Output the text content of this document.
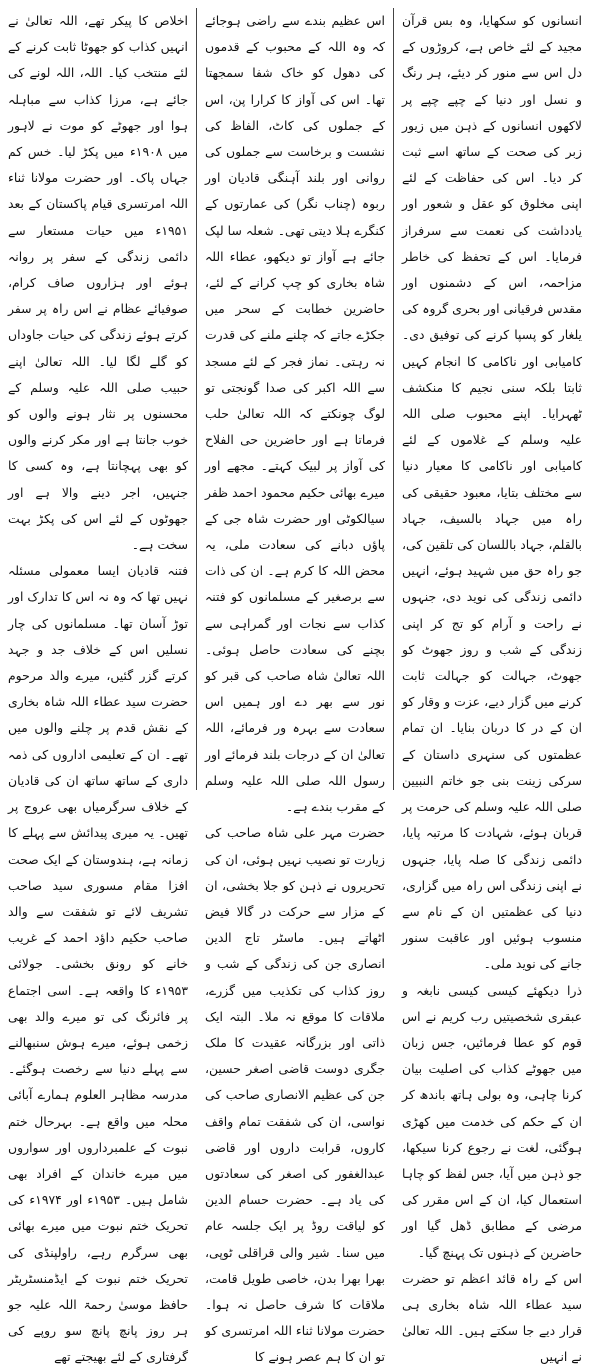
انسانوں کو سکھایا، وہ بس قرآن مجید کے لئے خاص ہے، کروڑوں کے دل اس سے منور کر دیئے، ہر رنگ و نسل اور دنیا کے چپے چپے پر لاکھوں انسانوں کے ذہن میں زیور زبر کی صحت کے ساتھ اسے ثبت کر دیا۔ اس کی حفاظت کے لئے اپنی مخلوق کو عقل و شعور اور یادداشت کی نعمت سے سرفراز فرمایا۔ اس کے تحفظ کی خاطر مزاحمہ، اس کے دشمنوں اور مقدس فرقیانی اور بحری گروہ کی یلغار کو پسپا کرنے کی توفیق دی۔ کامیابی اور ناکامی کا انجام کہیں ثابتا بلکہ سنی نجیم کا منکشف ٹھہرایا۔ اپنے محبوب صلی اللہ علیہ وسلم کے غلاموں کے لئے کامیابی اور ناکامی کا معیار دنیا سے مختلف بتایا، معبود حقیقی کی راہ میں جہاد بالسیف، جہاد بالقلم، جہاد باللسان کی تلقین کی، جو راہ حق میں شہید ہوئے، انہیں دائمی زندگی کی نوید دی، جنہوں نے راحت و آرام کو تج کر اپنی زندگی کے شب و روز جھوٹ کو جھوٹ، جہالت کو جہالت ثابت کرنے میں گزار دیے، عزت و وقار کو ان کے در کا دربان بنایا۔ ان تمام عظمتوں کی سنہری داستان کے سرکی زینت بنی جو خاتم النبیین صلی اللہ علیہ وسلم کی حرمت پر قربان ہوئے، شہادت کا مرتبہ پایا، دائمی زندگی کا صلہ پایا، جنہوں نے اپنی زندگی اس راہ میں گزاری، دنیا کی عظمتیں ان کے نام سے منسوب ہوئیں اور عاقبت سنور جانے کی نوید ملی۔

ذرا دیکھئے کیسی کیسی نابغہ و عبقری شخصیتیں رب کریم نے اس قوم کو عطا فرمائیں، جس زبان میں جھوٹے کذاب کی اصلیت بیان کرنا چاہی، وہ بولی ہاتھ باندھ کر ان کے حکم کی خدمت میں کھڑی ہوگئی، لغت نے رجوع کرنا سیکھا، جو ذہن میں آیا، جس لفظ کو چاہا استعمال کیا، ان کے اس مقرر کی مرضی کے مطابق ڈھل گیا اور حاضرین کے ذہنوں تک پہنچ گیا۔

اس کے راہ قائد اعظم تو حضرت سید عطاء اللہ شاہ بخاری ہی قرار دیے جا سکتے ہیں۔ اللہ تعالیٰ نے انہیں

اس عظیم بندے سے راضی ہوجائے کہ وہ اللہ کے محبوب کے قدموں کی دھول کو خاک شفا سمجھتا تھا۔ اس کی آواز کا کرارا پن، اس کے جملوں کی کاٹ، الفاظ کی نشست و برخاست سے جملوں کی روانی اور بلند آہنگی قادیان اور ربوہ (چناب نگر) کی عمارتوں کے کنگرے ہلا دیتی تھی۔ شعلہ سا لپک جائے ہے آواز تو دیکھو، عطاء اللہ شاہ بخاری کو چپ کرانے کے لئے، حاضرین خطابت کے سحر میں جکڑے جاتے کہ چلنے ملنے کی قدرت نہ رہتی۔ نماز فجر کے لئے مسجد سے اللہ اکبر کی صدا گونجتی تو لوگ چونکتے کہ اللہ تعالیٰ حلب فرماتا ہے اور حاضرین حی الفلاح کی آواز پر لبیک کہتے۔ مجھے اور میرے بھائی حکیم محمود احمد ظفر سیالکوٹی اور حضرت شاہ جی کے پاؤں دبانے کی سعادت ملی، یہ محض اللہ کا کرم ہے۔ ان کی ذات سے برصغیر کے مسلمانوں کو فتنہ کذاب سے نجات اور گمراہی سے بچنے کی سعادت حاصل ہوئی۔ اللہ تعالیٰ شاہ صاحب کی قبر کو نور سے بھر دے اور ہمیں اس سعادت سے بہرہ ور فرمائے، اللہ تعالیٰ ان کے درجات بلند فرمائے اور رسول اللہ صلی اللہ علیہ وسلم کے مقرب بندے ہے۔

حضرت مہر علی شاہ صاحب کی زیارت تو نصیب نہیں ہوئی، ان کی تحریروں نے ذہن کو جلا بخشی، ان کے مزار سے حرکت در گالا فیض اٹھاتے ہیں۔ ماسٹر تاج الدین انصاری جن کی زندگی کے شب و روز کذاب کی تکذیب میں گزرے، ملاقات کا موقع نہ ملا۔ البتہ ایک ذاتی اور بزرگانہ عقیدت کا ملک جگری دوست قاضی اصغر حسین، جن کی عظیم الانصاری صاحب کی نواسی، ان کی شفقت تمام واقف کاروں، قرابت داروں اور قاضی عبدالغفور کی اصغر کی سعادتوں کی یاد ہے۔ حضرت حسام الدین کو لیاقت روڈ پر ایک جلسہ عام میں سنا۔ شیر والی قراقلی ٹوپی، بھرا بھرا بدن، خاصی طویل قامت، ملاقات کا شرف حاصل نہ ہوا۔ حضرت مولانا ثناء اللہ امرتسری کو تو ان کا ہم عصر ہونے کا

اخلاص کا پیکر تھے، اللہ تعالیٰ نے انہیں کذاب کو جھوٹا ثابت کرنے کے لئے منتخب کیا۔ اللہ، اللہ لونے کی جائے ہے، مرزا کذاب سے مباہلہ ہوا اور جھوٹے کو موت نے لاہور میں ۱۹۰۸ء میں پکڑ لیا۔ خس کم جہاں پاک۔ اور حضرت مولانا ثناء اللہ امرتسری قیام پاکستان کے بعد ۱۹۵۱ء میں حیات مستعار سے دائمی زندگی کے سفر پر روانہ ہوئے اور ہزاروں صاف کرام، صوفیائے عظام نے اس راہ پر سفر کرتے ہوئے زندگی کی حیات جاوداں کو گلے لگا لیا۔ اللہ تعالیٰ اپنے حبیب صلی اللہ علیہ وسلم کے محسنوں پر نثار ہونے والوں کو خوب جانتا ہے اور مکر کرنے والوں کو بھی پہچانتا ہے، وہ کسی کا جنہیں، اجر دینے والا ہے اور جھوٹوں کے لئے اس کی پکڑ بہت سخت ہے۔

فتنہ قادیان ایسا معمولی مسئلہ نہیں تھا کہ وہ نہ اس کا تدارک اور توڑ آسان تھا۔ مسلمانوں کی چار نسلیں اس کے خلاف جد و جہد کرتے گزر گئیں، میرے والد مرحوم حضرت سید عطاء اللہ شاہ بخاری کے نقش قدم پر چلنے والوں میں تھے۔ ان کے تعلیمی اداروں کی ذمہ داری کے ساتھ ساتھ ان کی قادیان کے خلاف سرگرمیاں بھی عروج پر تھیں۔ یہ میری پیدائش سے پہلے کا زمانہ ہے، ہندوستان کے ایک صحت افزا مقام مسوری سید صاحب تشریف لائے تو شفقت سے والد صاحب حکیم داؤد احمد کے غریب خانے کو رونق بخشی۔ جولائی ۱۹۵۳ء کا واقعہ ہے۔ اسی اجتماع پر فائرنگ کی تو میرے والد بھی زخمی ہوئے، میرے ہوش سنبھالنے سے پہلے دنیا سے رخصت ہوگئے۔ مدرسہ مظاہر العلوم ہمارے آبائی محلہ میں واقع ہے۔ بہرحال ختم نبوت کے علمبرداروں اور سواروں میں میرے خاندان کے افراد بھی شامل ہیں۔ ۱۹۵۳ء اور ۱۹۷۴ء کی تحریک ختم نبوت میں میرے بھائی بھی سرگرم رہے، راولپنڈی کی تحریک ختم نبوت کے ایڈمنسٹریٹر حافظ موسیٰ رحمۃ اللہ علیہ جو ہر روز پانچ پانچ سو روپے کی گرفتاری کے لئے بھیجتے تھے
